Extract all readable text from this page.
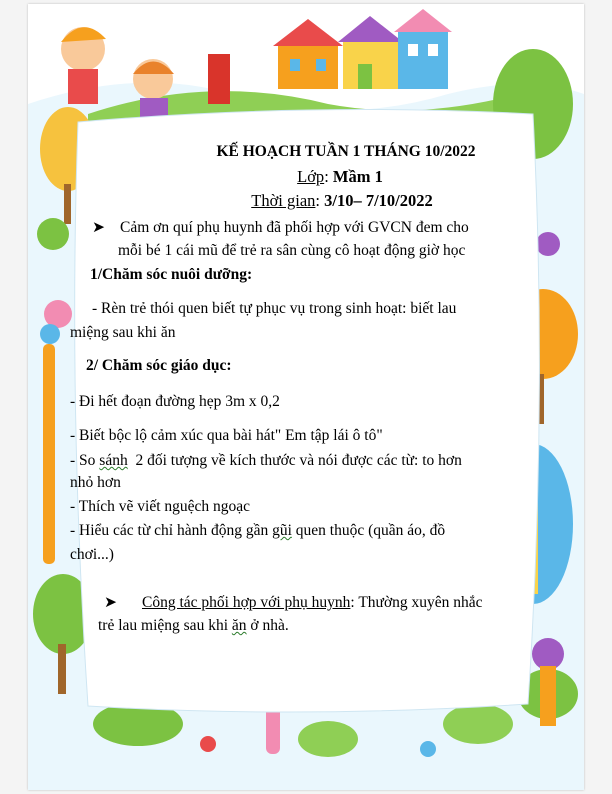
KẾ HOẠCH TUẦN 1 THÁNG 10/2022
Lớp: Mầm 1
Thời gian: 3/10– 7/10/2022
➤ Cảm ơn quí phụ huynh đã phối hợp với GVCN đem cho
mỗi bé 1 cái mũ để trẻ ra sân cùng cô hoạt động giờ học
1/Chăm sóc nuôi dưỡng:
- Rèn trẻ thói quen biết tự phục vụ trong sinh hoạt: biết lau
miệng sau khi ăn
2/ Chăm sóc giáo dục:
- Đi hết đoạn đường hẹp 3m x 0,2
- Biết bộc lộ cảm xúc qua bài hát" Em tập lái ô tô"
- So sánh  2 đối tượng về kích thước và nói được các từ: to hơn
nhỏ hơn
- Thích vẽ viết nguệch ngoạc
- Hiểu các từ chỉ hành động gần gũi quen thuộc (quần áo, đồ
chơi...)
➤ Công tác phối hợp với phụ huynh: Thường xuyên nhắc
trẻ lau miệng sau khi ăn ở nhà.
